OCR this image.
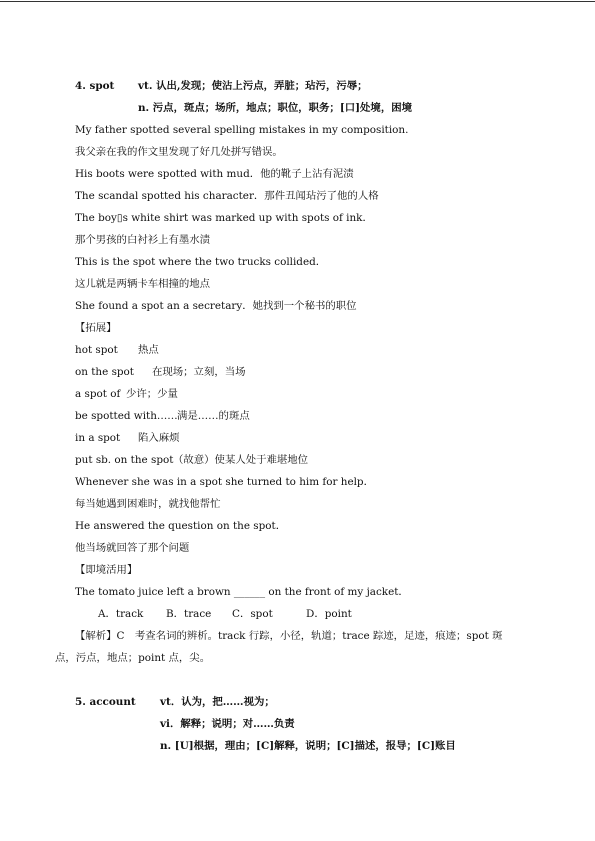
4. spot vt. 认出,发现；使沾上污点，弄脏；玷污，污辱；
n. 污点，斑点；场所，地点；职位，职务；[口]处境，困境
My father spotted several spelling mistakes in my composition.
我父亲在我的作文里发现了好几处拼写错误。
His boots were spotted with mud．他的靴子上沾有泥渍
The scandal spotted his character．那件丑闻玷污了他的人格
The boy▯s white shirt was marked up with spots of ink．
那个男孩的白衬衫上有墨水渍
This is the spot where the two trucks collided．
这儿就是两辆卡车相撞的地点
She found a spot an a secretary．她找到一个秘书的职位
【拓展】
hot spot 热点
on the spot 在现场；立刻，当场
a spot of 少许；少量
be spotted with……满是……的斑点
in a spot 陷入麻烦
put sb. on the spot（故意）使某人处于难堪地位
Whenever she was in a spot she turned to him for help．
每当她遇到困难时，就找他帮忙
He answered the question on the spot．
他当场就回答了那个问题
【即境活用】
The tomato juice left a brown ______ on the front of my jacket．
A．track B．trace C．spot	D．point
【解析】C　考查名词的辨析。track 行踪，小径，轨道；trace 踪迹，足迹，痕迹；spot 斑
点，污点，地点；point 点，尖。
5. account vt．认为，把……视为；
vi．解释；说明；对……负责
n. [U]根据，理由；[C]解释，说明；[C]描述，报导；[C]账目
